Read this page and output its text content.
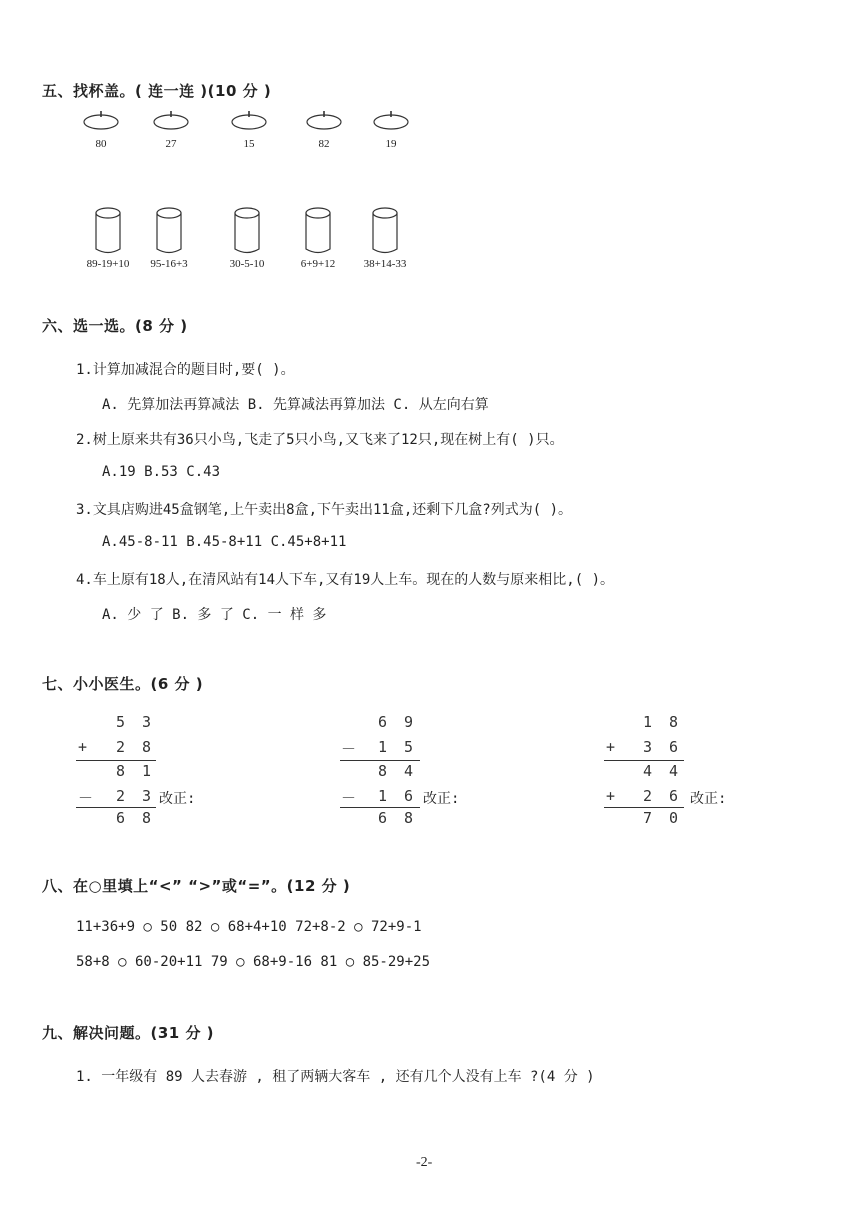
五、找杯盖。( 连一连 )(10 分 )
80	27	15	82	19
89-19+10	95-16+3	30-5-10	6+9+12	38+14-33
六、选一选。(8 分 )
1.计算加减混合的题目时,要( )。
A. 先算加法再算减法 B. 先算减法再算加法 C. 从左向右算
2.树上原来共有36只小鸟,飞走了5只小鸟,又飞来了12只,现在树上有( )只。
A.19 B.53 C.43
3.文具店购进45盒钢笔,上午卖出8盒,下午卖出11盒,还剩下几盒?列式为( )。
A.45-8-11 B.45-8+11 C.45+8+11
4.车上原有18人,在清风站有14人下车,又有19人上车。现在的人数与原来相比,( )。
A. 少 了 B. 多 了 C. 一 样 多
七、小小医生。(6 分 )
5 3
+ 2 8
8 1
－ 2 3
6 8
改正:
6 9
－ 1 5
8 4
－ 1 6
6 8
改正:
1 8
+ 3 6
4 4
+ 2 6
7 0
改正:
八、在○里填上“<” “>”或“=”。(12 分 )
11+36+9 ○ 50 82 ○ 68+4+10 72+8-2 ○ 72+9-1
58+8 ○ 60-20+11 79 ○ 68+9-16 81 ○ 85-29+25
九、解决问题。(31 分 )
1. 一年级有 89 人去春游 , 租了两辆大客车 , 还有几个人没有上车 ?(4 分 )
-2-
